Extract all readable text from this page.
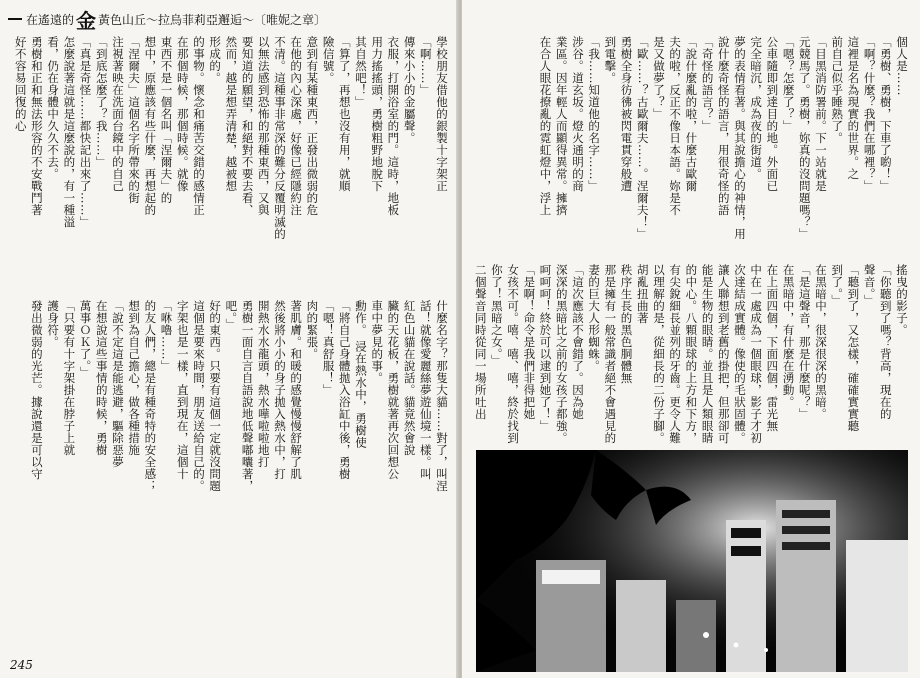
在遙遠的 金 黃色山丘～拉烏菲莉亞邂逅～ 〔唯妮之章〕

學校朋友借他的銀製十字架正
「啊……」
傳來小小的金屬聲。
衣服，打開浴室的門。這時，地板
用力搖搖頭，勇樹粗野地脫下
其自然吧！」
「算了，再想也沒有用，就順
險信號。
意到有某種東西，正發出微弱的危
在他的內心深處，好像已經隱約注
不清。這種事非常深的難分反覆明滅的
以無法感到恐怖的那種東西，又與
要知道的願望，和絕對不要去看、
然而，越是想弄清楚，越被想
形成的。
的事物。懷念和痛苦交錯的感情正
在那個時候，那個時候。就像
東西不是一個名叫「涅爾夫」的
想中，原應該有些什麼，再想起的
「涅爾夫」這個名字所帶來的街
注視著映在洗面台鏡中的自己
「到底怎麼了？我……」
「真是奇怪……都快記出來了……」
怎麼說著這就是這麼說的，有一種溢
看，仍在身體中久久不去。
勇樹和正和無法形容的不安戰鬥著
好不容易回復的心

什麼名字？那隻大貓……對了，叫涅
話！就像愛麗絲夢遊仙境一樣。叫
紅色山貓在說話。貓竟然會說
臟的天花板，勇樹就著再次回想公
車中夢見的事。
勳作。 浸在熱水中，勇樹使
「將自己身體拋入浴缸中後，勇樹
「嗯！真舒服！」
肉的緊張。
著肌膚。和暖的感覺慢慢舒解了肌
然後將小小的身子拋入熱水中，打
開熱水水龍頭，熱水嘩啦啦地打
勇樹一面自言自語說地低聲嘟囔著，
吧。」
好的東西。只要有這個一定就沒問題
這個是要來時間，朋友送給自己的。
字架也是一樣，直到現在，這個十
「咻嚕……」
的友人們，總是有種奇特的安全感；
想到為自己擔心，做各種措施
「說不定這是能逃避，驅除惡夢
在想說這些事情的時候，勇樹
萬事ＯＫ了。」
「只要有十字架掛在脖子上就
護身符。
發出微弱的光芒。據說還是可以守

245

個人是……
「勇樹、勇樹，下車了喲！」
「啊？什麼？我們在哪裡？」
這裡是名為現實的世界。之
前自己似乎睡熟了。
「目黑消防署前。下一站就是
元競馬了。勇樹，妳真的沒問題嗎？」
「嗯？怎麼了？」
公車隨即到達目的地。外面已
完全暗沉，成為夜的街道。
夢的表情看著。與其說擔心的神情，用
說什麼奇怪的語言，用很奇怪的語
「奇怪的語言？」
「說什麼亂的啦，什麼古歐爾
夫的啦，反正不像日本語。妳是不
是又做夢了？」
「歐……？古歐爾夫……。涅爾夫！」
勇樹全身彷彿被閃電貫穿般遭
到電擊。
「我……知道他的名字……」
涉谷。道玄坂。燈火通明的商
業區。因年輕人而顯得異常。擁擠
在合人眼花撩亂的霓虹燈中，浮上

搖曳的影子。
「你聽到了嗎？背高，現在的
聲音。」
「聽到了，又怎樣，確確實實聽
到了。」
在黑暗中，很深很深的黑暗。
「是這聲音，那是什麼呢？」
在黑暗中，有什麼在湧動。
在上面四個，下面四個，雷光無
中在一處成為一個眼球，影子才初
次達結成實體。像使的毛狀固體。
讓人聯想到老舊的掛把，但那卻可
能是生物的眼睛。並且是人類眼睛
的中心。八顆眼球的上方和下方，
有尖銳細長並列的牙齒。更令人難
以理解的是，從細長的二份子腳。胡亂扭曲著
秩序生長的黑色胴體無
那是擁有一般常識者絕不會遇見的
妻的巨大人形蜘蛛。
「這次應該不會錯了。因為她
深深的黑暗比之前的女孩子都強。
呵呵呵！終於可以逮到她了！」
「是啊！命令是我們非得把她
女孩不可。嘻、嘻、嘻，終於找到
你了！黑暗之女。」
二個聲音同時從同一場所吐出
